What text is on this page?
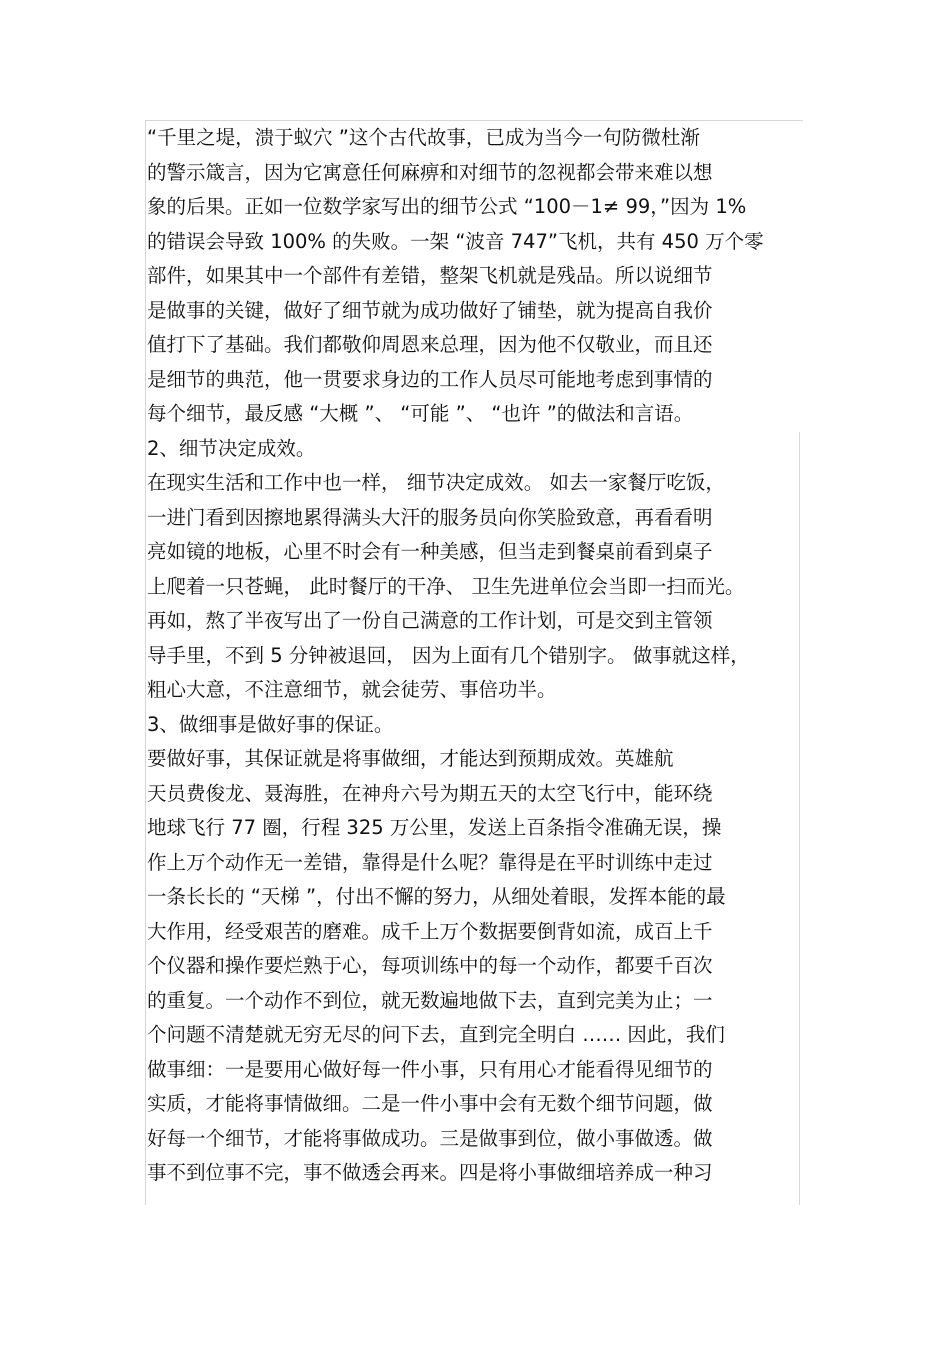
“千里之堤，溃于蚁穴 ”这个古代故事，已成为当今一句防微杜渐
的警示箴言，因为它寓意任何麻痹和对细节的忽视都会带来难以想
象的后果。正如一位数学家写出的细节公式 “100－1≠ 99，”因为 1%
的错误会导致 100% 的失败。一架 “波音 747”飞机，共有 450 万个零
部件，如果其中一个部件有差错，整架飞机就是残品。所以说细节
是做事的关键，做好了细节就为成功做好了铺垫，就为提高自我价
值打下了基础。我们都敬仰周恩来总理，因为他不仅敬业，而且还
是细节的典范，他一贯要求身边的工作人员尽可能地考虑到事情的
每个细节，最反感 “大概 ”、 “可能 ”、 “也许 ”的做法和言语。
2、细节决定成效。
在现实生活和工作中也一样， 细节决定成效。 如去一家餐厅吃饭，
一进门看到因擦地累得满头大汗的服务员向你笑脸致意，再看看明
亮如镜的地板，心里不时会有一种美感，但当走到餐桌前看到桌子
上爬着一只苍蝇， 此时餐厅的干净、 卫生先进单位会当即一扫而光。
再如，熬了半夜写出了一份自己满意的工作计划，可是交到主管领
导手里，不到 5 分钟被退回， 因为上面有几个错别字。 做事就这样，
粗心大意，不注意细节，就会徒劳、事倍功半。
3、做细事是做好事的保证。
要做好事，其保证就是将事做细，才能达到预期成效。英雄航
天员费俊龙、聂海胜，在神舟六号为期五天的太空飞行中，能环绕
地球飞行 77 圈，行程 325 万公里，发送上百条指令准确无误，操
作上万个动作无一差错，靠得是什么呢？靠得是在平时训练中走过
一条长长的 “天梯 ”，付出不懈的努力，从细处着眼，发挥本能的最
大作用，经受艰苦的磨难。成千上万个数据要倒背如流，成百上千
个仪器和操作要烂熟于心，每项训练中的每一个动作，都要千百次
的重复。一个动作不到位，就无数遍地做下去，直到完美为止；一
个问题不清楚就无穷无尽的问下去，直到完全明白 …… 因此，我们
做事细：一是要用心做好每一件小事，只有用心才能看得见细节的
实质，才能将事情做细。二是一件小事中会有无数个细节问题，做
好每一个细节，才能将事做成功。三是做事到位，做小事做透。做
事不到位事不完，事不做透会再来。四是将小事做细培养成一种习
